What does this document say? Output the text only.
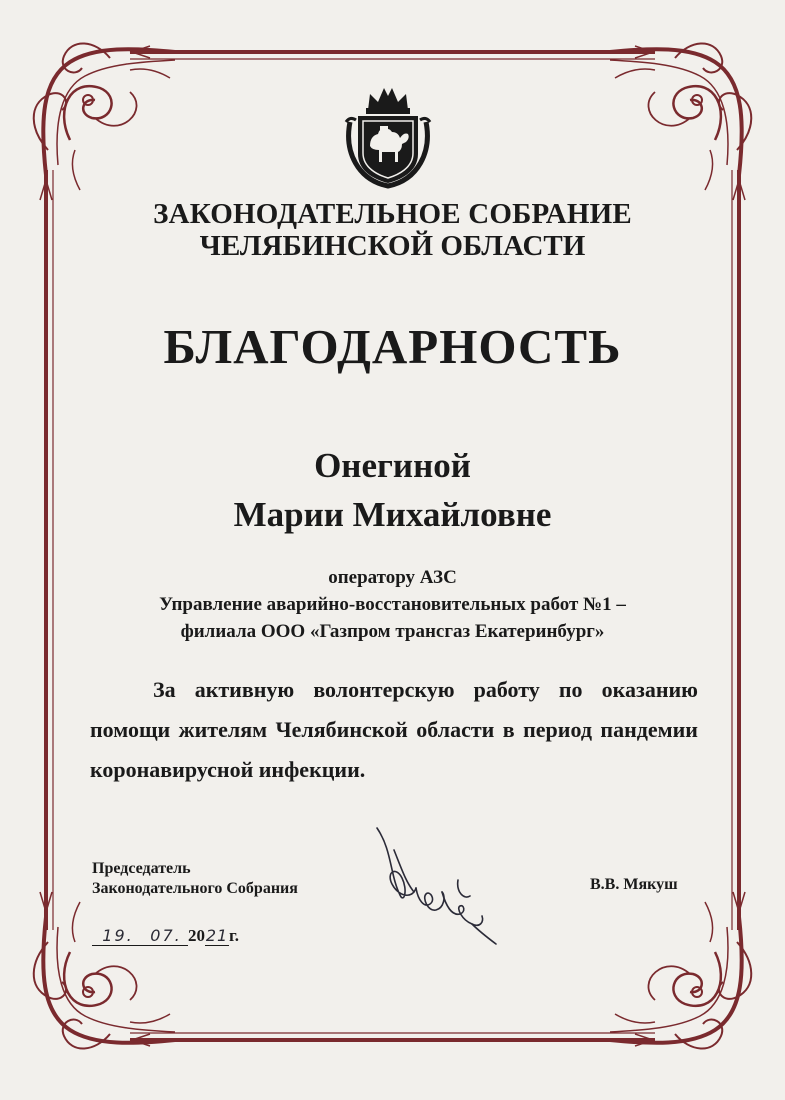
ЗАКОНОДАТЕЛЬНОЕ СОБРАНИЕ
ЧЕЛЯБИНСКОЙ ОБЛАСТИ
БЛАГОДАРНОСТЬ
Онегиной
Марии Михайловне
оператору АЗС
Управление аварийно-восстановительных работ №1 –
филиала ООО «Газпром трансгаз Екатеринбург»
За активную волонтерскую работу по оказанию помощи жителям Челябинской области в период пандемии коронавирусной инфекции.
Председатель
Законодательного Собрания	В.В. Мякуш
19. 07. 2021г.
